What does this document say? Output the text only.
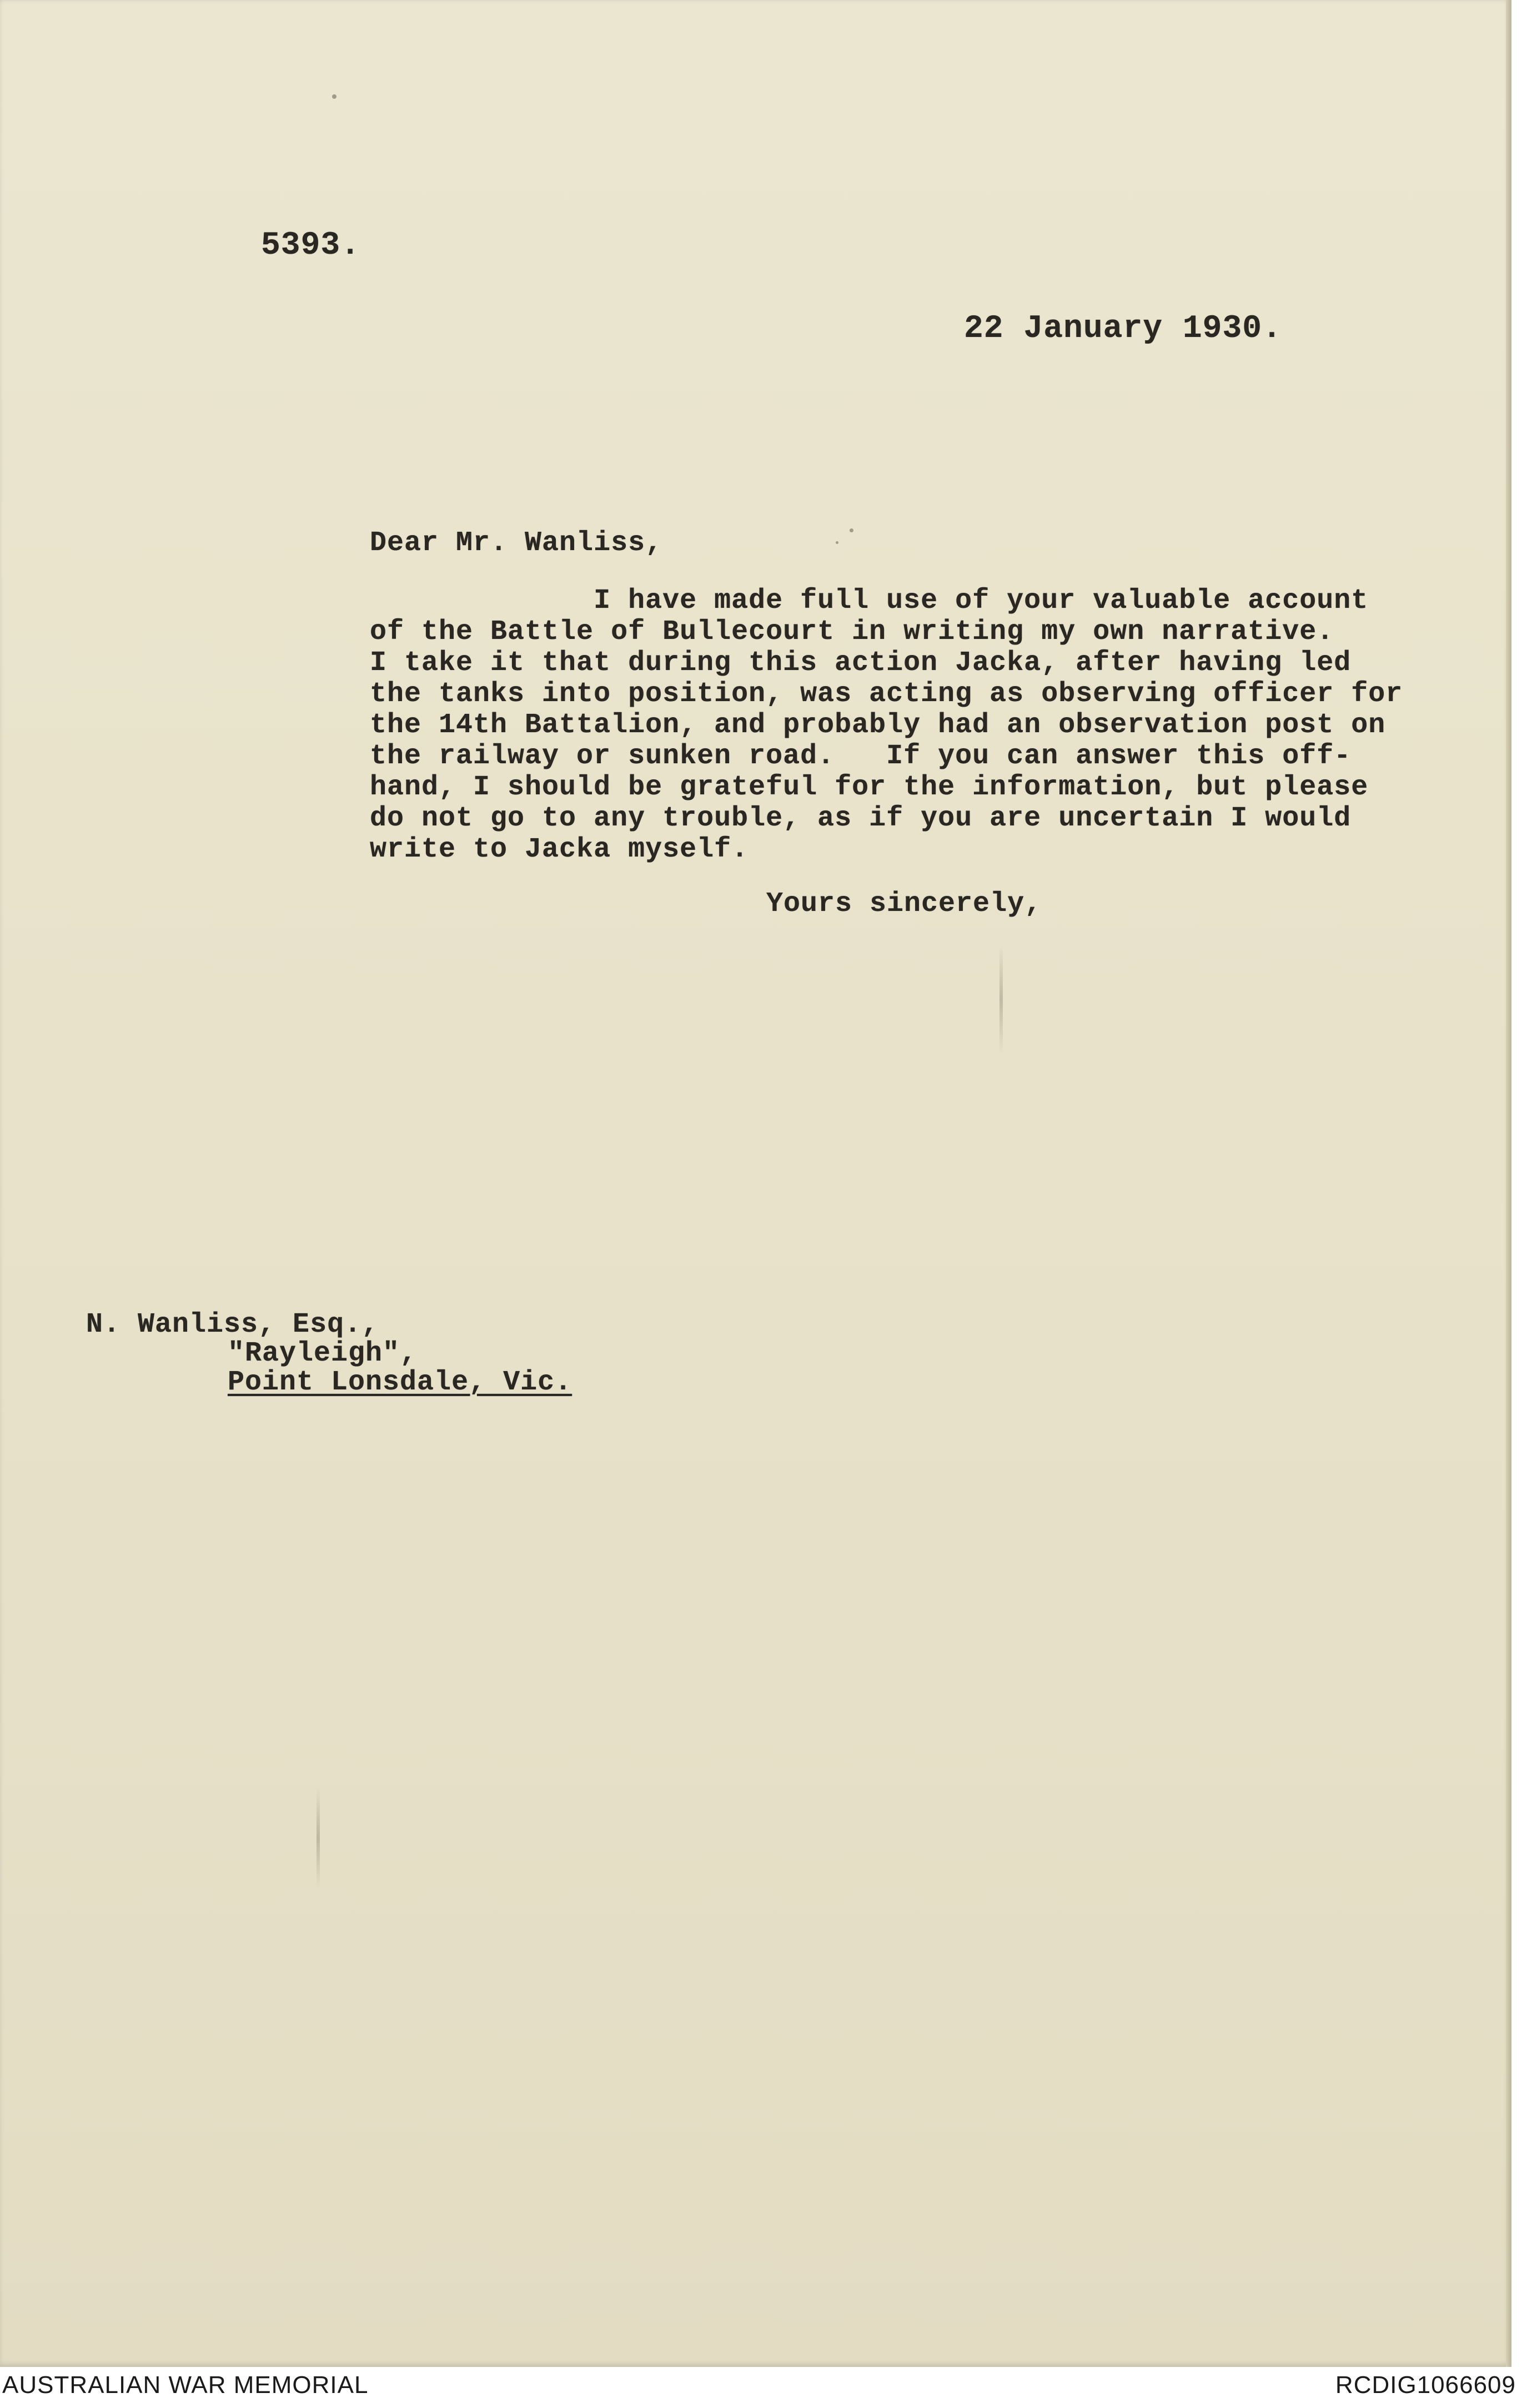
5393.
22 January 1930.
Dear Mr. Wanliss,
I have made full use of your valuable account
of the Battle of Bullecourt in writing my own narrative.
I take it that during this action Jacka, after having led
the tanks into position, was acting as observing officer for
the 14th Battalion, and probably had an observation post on
the railway or sunken road.   If you can answer this off-
hand, I should be grateful for the information, but please
do not go to any trouble, as if you are uncertain I would
write to Jacka myself.
Yours sincerely,
N. Wanliss, Esq.,
"Rayleigh",
Point Lonsdale, Vic.
AUSTRALIAN WAR MEMORIAL	RCDIG1066609
